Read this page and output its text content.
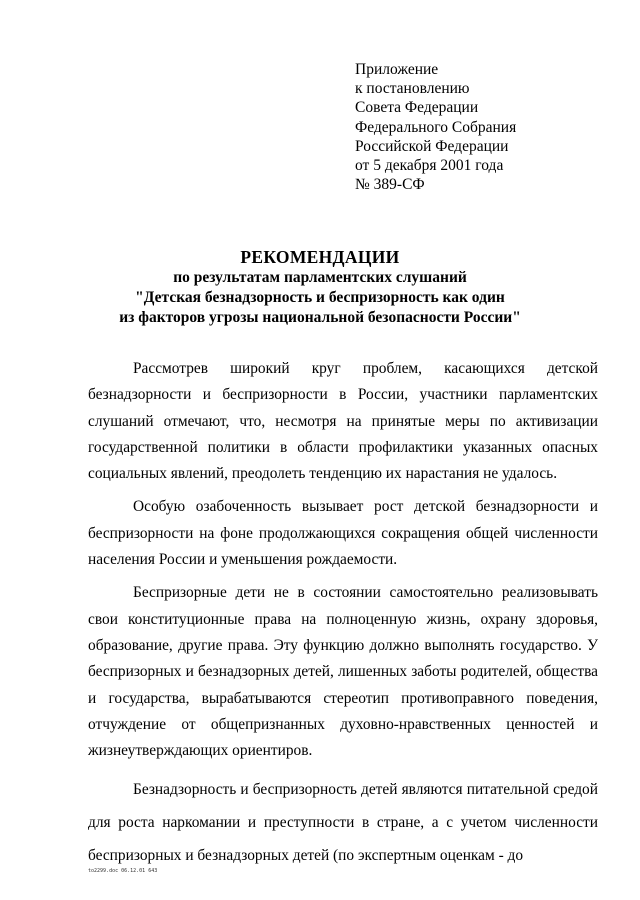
Приложение
к постановлению
Совета Федерации
Федерального Собрания
Российской Федерации
от 5 декабря 2001 года
№ 389-СФ
РЕКОМЕНДАЦИИ
по результатам парламентских слушаний
"Детская безнадзорность и беспризорность как один
из факторов угрозы национальной безопасности России"

Рассмотрев широкий круг проблем, касающихся детской безнадзорности и беспризорности в России, участники парламентских слушаний отмечают, что, несмотря на принятые меры по активизации государственной политики в области профилактики указанных опасных социальных явлений, преодолеть тенденцию их нарастания не удалось.

Особую озабоченность вызывает рост детской безнадзорности и беспризорности на фоне продолжающихся сокращения общей численности населения России и уменьшения рождаемости.

Беспризорные дети не в состоянии самостоятельно реализовывать свои конституционные права на полноценную жизнь, охрану здоровья, образование, другие права. Эту функцию должно выполнять государство. У беспризорных и безнадзорных детей, лишенных заботы родителей, общества и государства, вырабатываются стереотип противоправного поведения, отчуждение от общепризнанных духовно-нравственных ценностей и жизнеутверждающих ориентиров.

Безнадзорность и беспризорность детей являются питательной средой для роста наркомании и преступности в стране, а с учетом численности беспризорных и безнадзорных детей (по экспертным оценкам - до

to2299.doc 06.12.01 643
